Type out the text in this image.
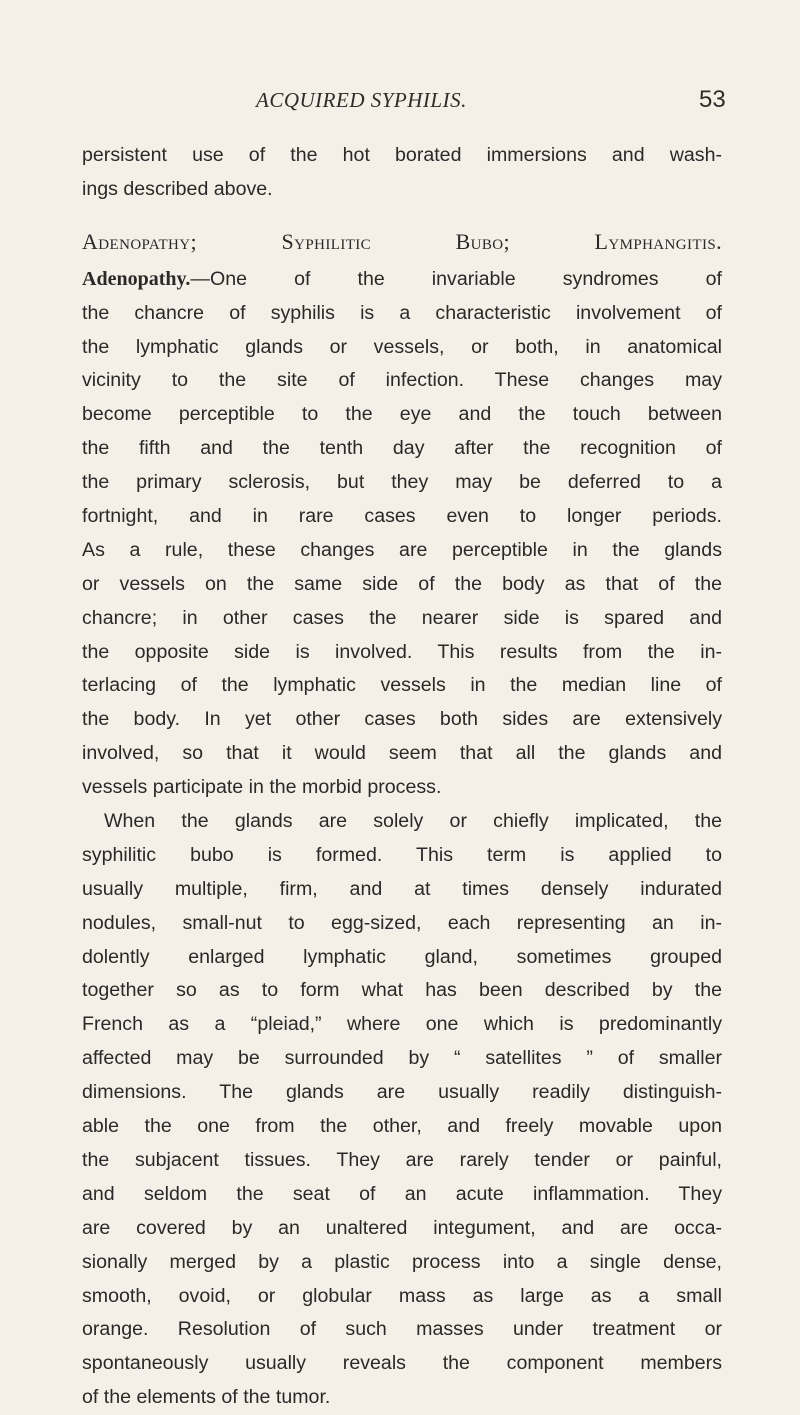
ACQUIRED SYPHILIS.	53
persistent use of the hot borated immersions and wash-
ings described above.
Adenopathy; Syphilitic Bubo; Lymphangitis.
Adenopathy.—One of the invariable syndromes of
the chancre of syphilis is a characteristic involvement of
the lymphatic glands or vessels, or both, in anatomical
vicinity to the site of infection. These changes may
become perceptible to the eye and the touch between
the fifth and the tenth day after the recognition of
the primary sclerosis, but they may be deferred to a
fortnight, and in rare cases even to longer periods.
As a rule, these changes are perceptible in the glands
or vessels on the same side of the body as that of the
chancre; in other cases the nearer side is spared and
the opposite side is involved. This results from the in-
terlacing of the lymphatic vessels in the median line of
the body. In yet other cases both sides are extensively
involved, so that it would seem that all the glands and
vessels participate in the morbid process.
When the glands are solely or chiefly implicated, the
syphilitic bubo is formed. This term is applied to
usually multiple, firm, and at times densely indurated
nodules, small-nut to egg-sized, each representing an in-
dolently enlarged lymphatic gland, sometimes grouped
together so as to form what has been described by the
French as a “pleiad,” where one which is predominantly
affected may be surrounded by “ satellites ” of smaller
dimensions. The glands are usually readily distinguish-
able the one from the other, and freely movable upon
the subjacent tissues. They are rarely tender or painful,
and seldom the seat of an acute inflammation. They
are covered by an unaltered integument, and are occa-
sionally merged by a plastic process into a single dense,
smooth, ovoid, or globular mass as large as a small
orange. Resolution of such masses under treatment or
spontaneously usually reveals the component members
of the elements of the tumor.
